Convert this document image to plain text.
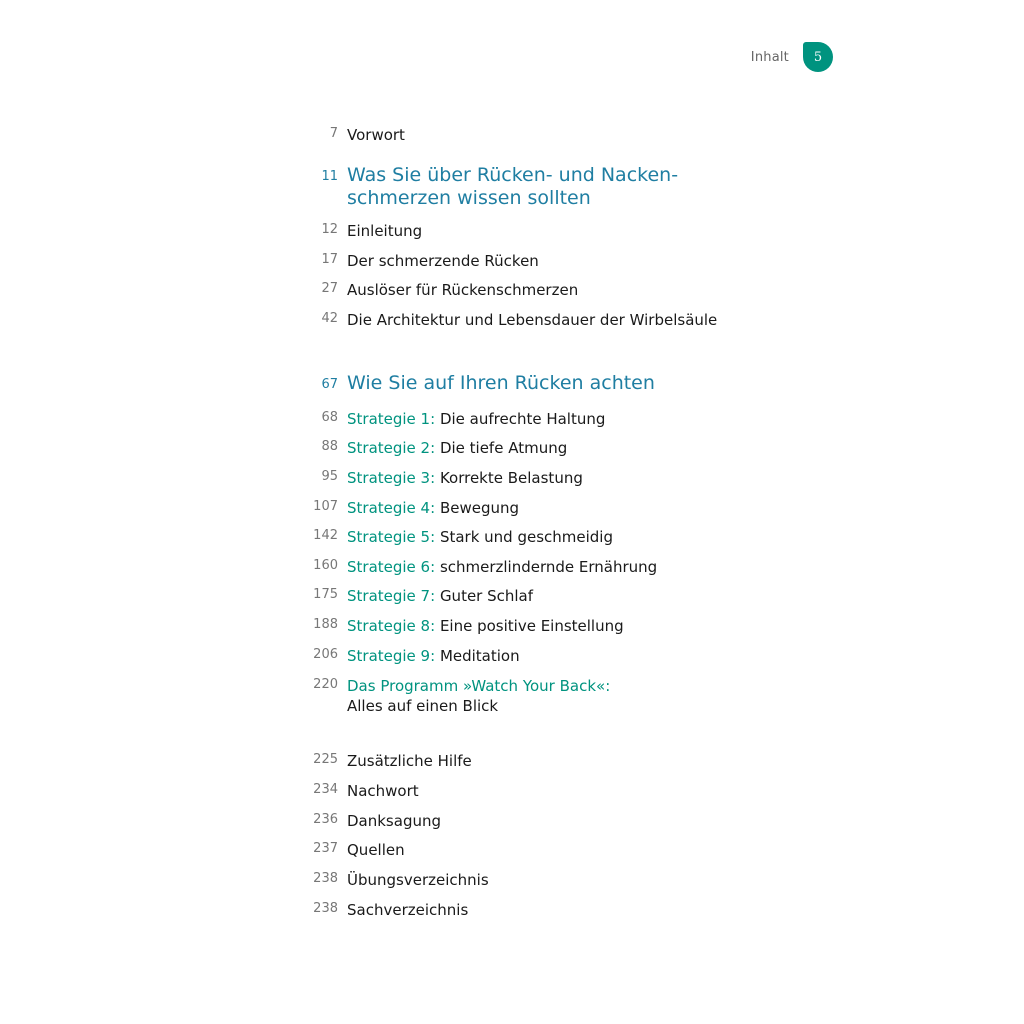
Inhalt	5
7 Vorwort
11 Was Sie über Rücken- und Nacken-
schmerzen wissen sollten
12 Einleitung
17 Der schmerzende Rücken
27 Auslöser für Rückenschmerzen
42 Die Architektur und Lebensdauer der Wirbelsäule
67 Wie Sie auf Ihren Rücken achten
68 Strategie 1: Die aufrechte Haltung
88 Strategie 2: Die tiefe Atmung
95 Strategie 3: Korrekte Belastung
107 Strategie 4: Bewegung
142 Strategie 5: Stark und geschmeidig
160 Strategie 6: schmerzlindernde Ernährung
175 Strategie 7: Guter Schlaf
188 Strategie 8: Eine positive Einstellung
206 Strategie 9: Meditation
220 Das Programm »Watch Your Back«:
Alles auf einen Blick
225 Zusätzliche Hilfe
234 Nachwort
236 Danksagung
237 Quellen
238 Übungsverzeichnis
238 Sachverzeichnis
